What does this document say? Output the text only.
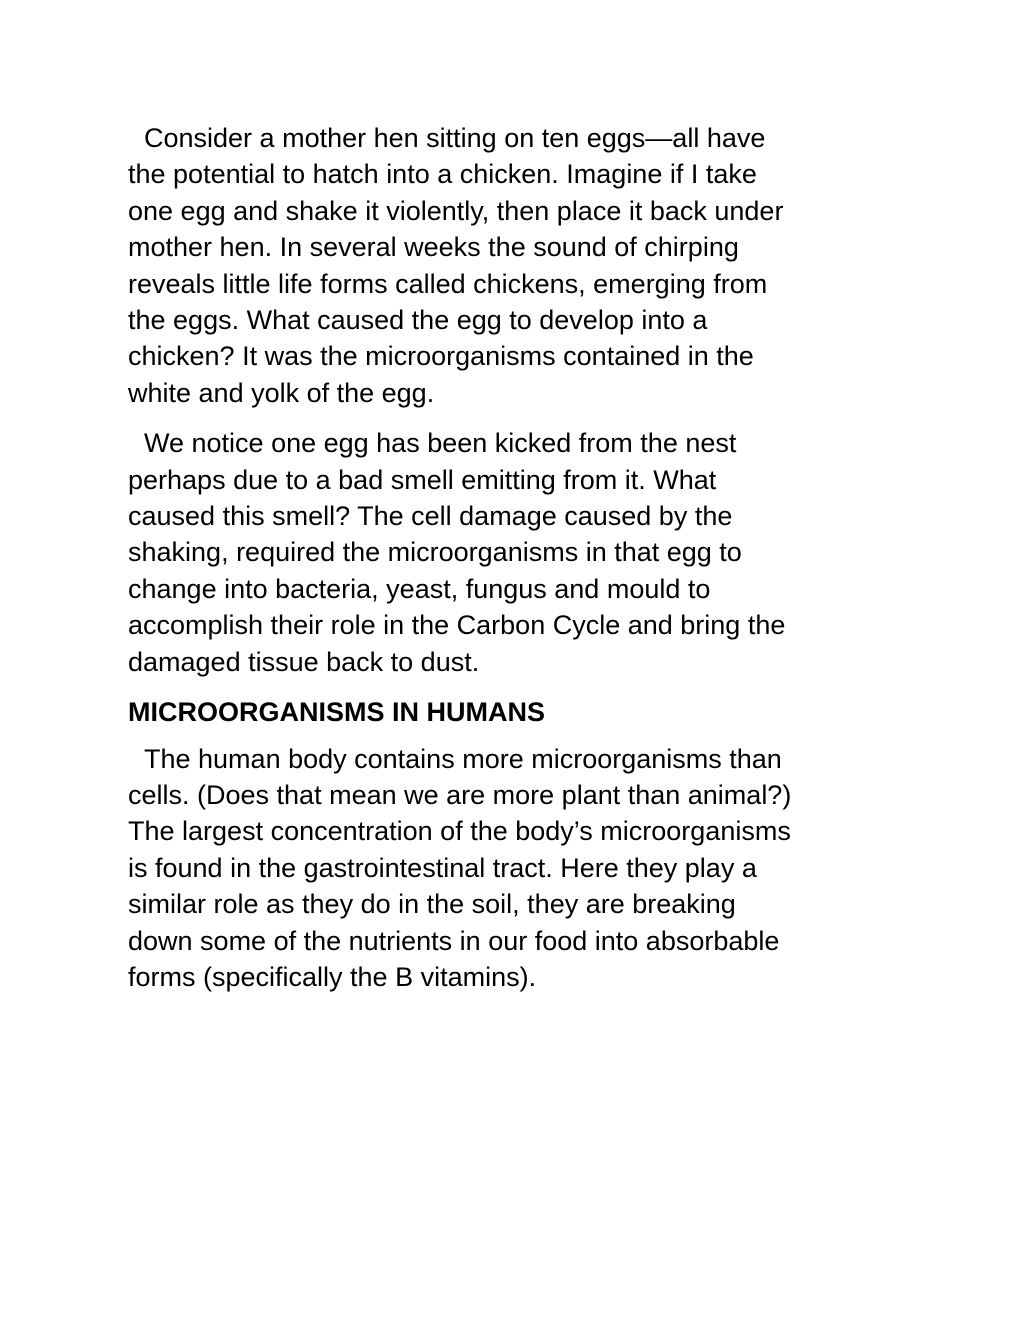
Consider a mother hen sitting on ten eggs—all have
the potential to hatch into a chicken. Imagine if I take
one egg and shake it violently, then place it back under
mother hen. In several weeks the sound of chirping
reveals little life forms called chickens, emerging from
the eggs. What caused the egg to develop into a
chicken? It was the microorganisms contained in the
white and yolk of the egg.

We notice one egg has been kicked from the nest
perhaps due to a bad smell emitting from it. What
caused this smell? The cell damage caused by the
shaking, required the microorganisms in that egg to
change into bacteria, yeast, fungus and mould to
accomplish their role in the Carbon Cycle and bring the
damaged tissue back to dust.

MICROORGANISMS IN HUMANS

The human body contains more microorganisms than
cells. (Does that mean we are more plant than animal?)
The largest concentration of the body’s microorganisms
is found in the gastrointestinal tract. Here they play a
similar role as they do in the soil, they are breaking
down some of the nutrients in our food into absorbable
forms (specifically the B vitamins).
